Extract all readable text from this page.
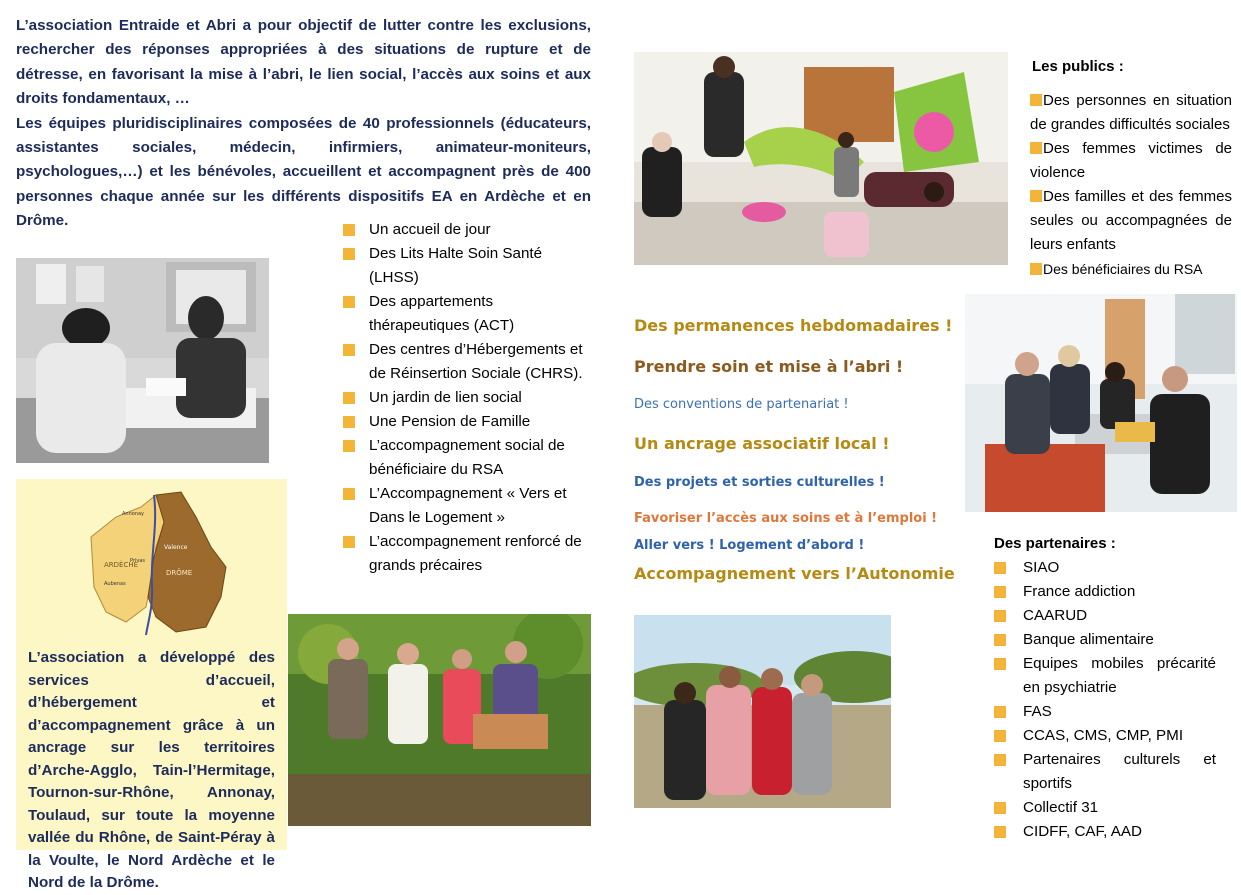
L’association Entraide et Abri a pour objectif de lutter contre les exclusions, rechercher des réponses appropriées à des situations de rupture et de détresse, en favorisant la mise à l’abri, le lien social, l’accès aux soins et aux droits fondamentaux, …

Les équipes pluridisciplinaires composées de 40 professionnels (éducateurs, assistantes sociales, médecin, infirmiers, animateur-moniteurs, psychologues,…) et les bénévoles, accueillent et accompagnent près de 400 personnes chaque année sur les différents dispositifs EA en Ardèche et en Drôme.

Un accueil de jour
Des Lits Halte Soin Santé (LHSS)
Des appartements thérapeutiques (ACT)
Des centres d’Hébergements et de Réinsertion Sociale (CHRS).
Un jardin de lien social
Une Pension de Famille
L’accompagnement social de bénéficiaire du RSA
L’Accompagnement « Vers et Dans le Logement »
L’accompagnement renforcé de grands précaires
ARDÈCHE
DRÔME
Valence
Privas
Annonay
Aubenas
L’association a développé des services d’accueil, d’hébergement et d’accompagnement grâce à un ancrage sur les territoires d’Arche-Agglo, Tain-l’Hermitage, Tournon-sur-Rhône, Annonay, Toulaud, sur toute la moyenne vallée du Rhône, de Saint-Péray à la Voulte, le Nord Ardèche et le Nord de la Drôme.
Des permanences hebdomadaires !
Prendre soin et mise à l’abri !
Des conventions de partenariat !
Un ancrage associatif local !
Des projets et sorties culturelles !
Favoriser l’accès aux soins et à l’emploi !
Aller vers ! Logement d’abord !
Accompagnement vers l’Autonomie
Les publics :
Des personnes en situation de grandes difficultés sociales
Des femmes victimes de violence
Des familles et des femmes seules ou accompagnées de leurs enfants
Des bénéficiaires du RSA
Des partenaires :
SIAO
France addiction
CAARUD
Banque alimentaire
Equipes mobiles précarité en psychiatrie
FAS
CCAS, CMS, CMP, PMI
Partenaires culturels et sportifs
Collectif 31
CIDFF, CAF, AAD
